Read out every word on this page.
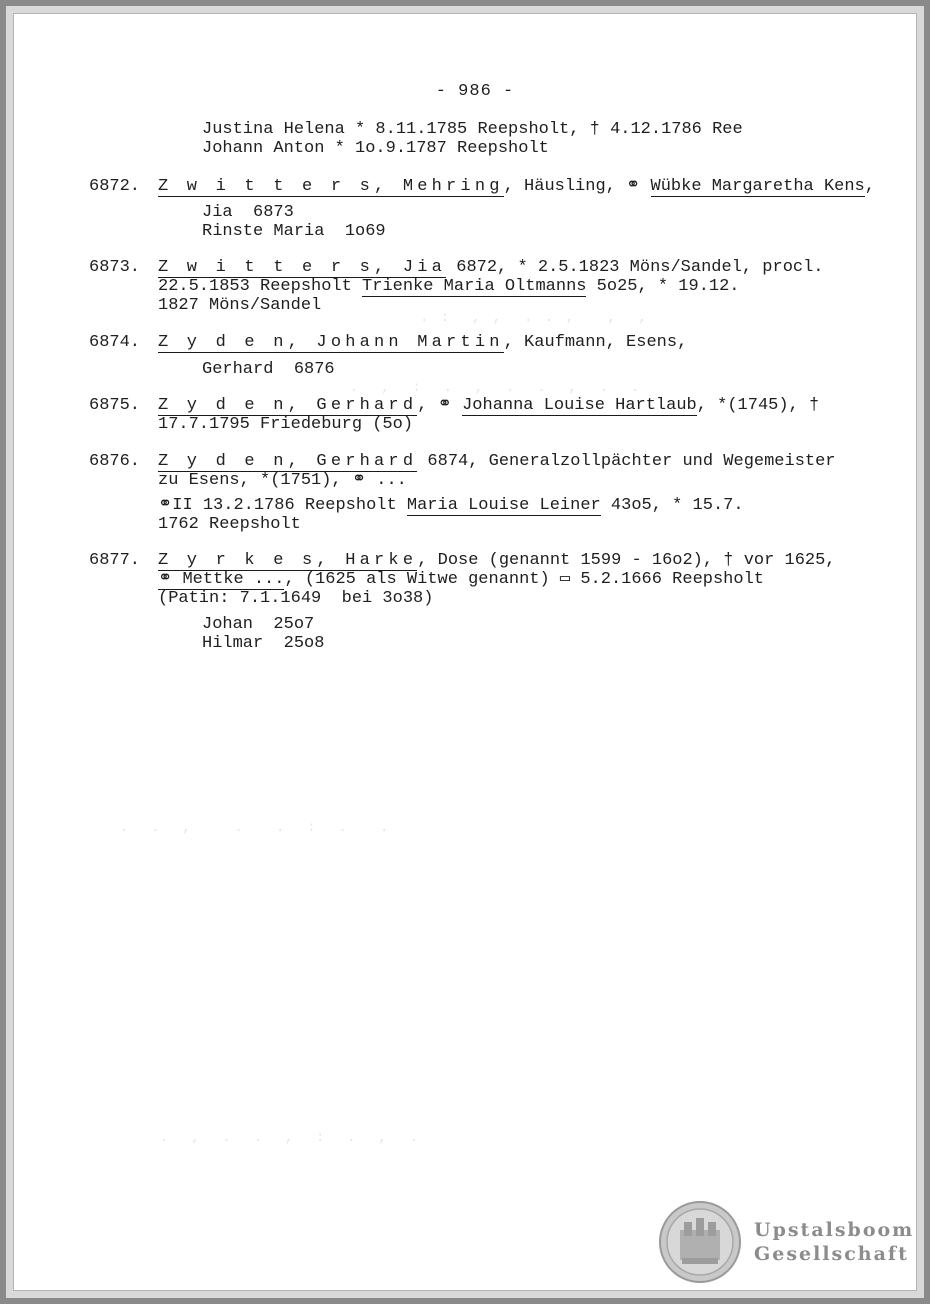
. :  , ,  . . ,   ,  ,
.  ,  :  .  ,  .  .  ,  .  .
.  .  ,    .   .  :  .   .
.  ,  .  .  ,  :  .  ,  .
- 986 -
Justina Helena * 8.11.1785 Reepsholt, † 4.12.1786 Ree
Johann Anton * 1o.9.1787 Reepsholt
6872. Z w i t t e r s, Mehring, Häusling, ⚭ Wübke Margaretha Kens,
Jia  6873
Rinste Maria  1o69
6873. Z w i t t e r s, Jia 6872, * 2.5.1823 Möns/Sandel, procl.
22.5.1853 Reepsholt Trienke Maria Oltmanns 5o25, * 19.12.
1827 Möns/Sandel
6874. Z y d e n, Johann Martin, Kaufmann, Esens,
Gerhard  6876
6875. Z y d e n, Gerhard, ⚭ Johanna Louise Hartlaub, *(1745), †
17.7.1795 Friedeburg (5o)
6876. Z y d e n, Gerhard 6874, Generalzollpächter und Wegemeister
zu Esens, *(1751), ⚭ ...
⚭II 13.2.1786 Reepsholt Maria Louise Leiner 43o5, * 15.7.
1762 Reepsholt
6877. Z y r k e s, Harke, Dose (genannt 1599 - 16o2), † vor 1625,
⚭ Mettke ..., (1625 als Witwe genannt) ▭ 5.2.1666 Reepsholt
(Patin: 7.1.1649  bei 3o38)
Johan  25o7
Hilmar  25o8
Upstalsboom
Gesellschaft
